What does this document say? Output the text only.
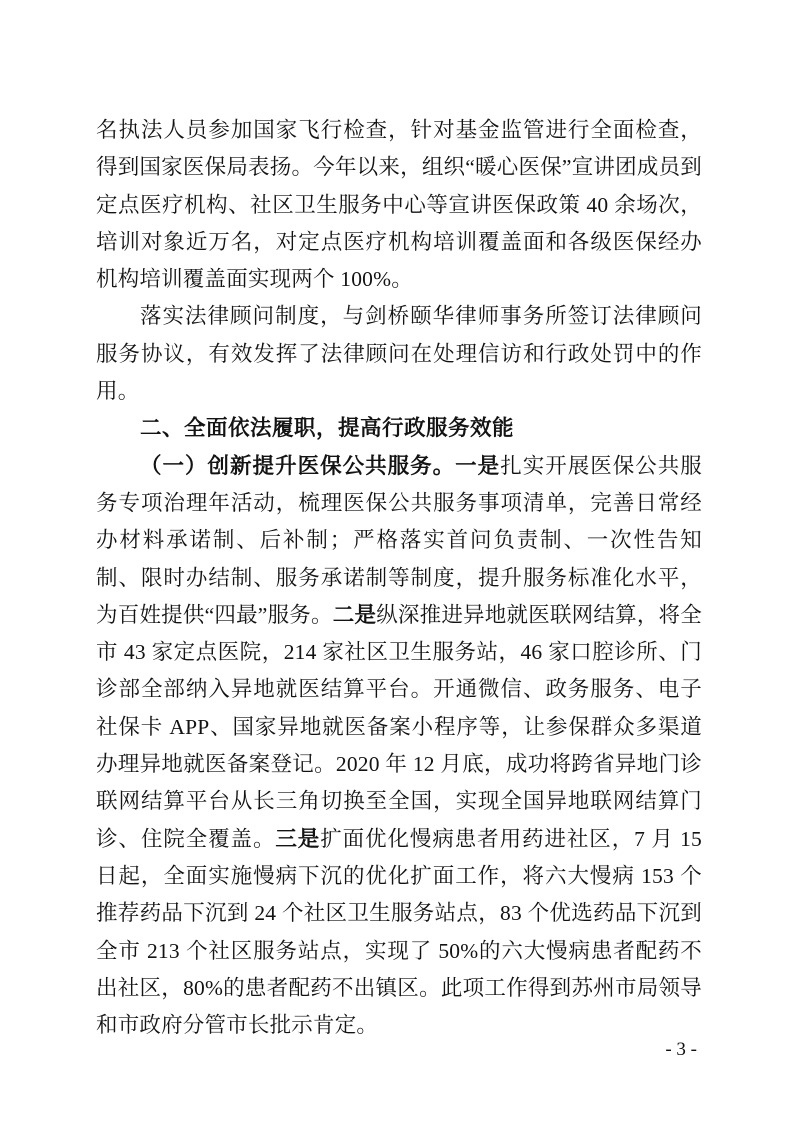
名执法人员参加国家飞行检查，针对基金监管进行全面检查，得到国家医保局表扬。今年以来，组织“暖心医保”宣讲团成员到定点医疗机构、社区卫生服务中心等宣讲医保政策 40 余场次，培训对象近万名，对定点医疗机构培训覆盖面和各级医保经办机构培训覆盖面实现两个 100%。

落实法律顾问制度，与剑桥颐华律师事务所签订法律顾问服务协议，有效发挥了法律顾问在处理信访和行政处罚中的作用。

二、全面依法履职，提高行政服务效能

（一）创新提升医保公共服务。一是扎实开展医保公共服务专项治理年活动，梳理医保公共服务事项清单，完善日常经办材料承诺制、后补制；严格落实首问负责制、一次性告知制、限时办结制、服务承诺制等制度，提升服务标准化水平，为百姓提供“四最”服务。二是纵深推进异地就医联网结算，将全市 43 家定点医院，214 家社区卫生服务站，46 家口腔诊所、门诊部全部纳入异地就医结算平台。开通微信、政务服务、电子社保卡 APP、国家异地就医备案小程序等，让参保群众多渠道办理异地就医备案登记。2020 年 12 月底，成功将跨省异地门诊联网结算平台从长三角切换至全国，实现全国异地联网结算门诊、住院全覆盖。三是扩面优化慢病患者用药进社区，7 月 15 日起，全面实施慢病下沉的优化扩面工作，将六大慢病 153 个推荐药品下沉到 24 个社区卫生服务站点，83 个优选药品下沉到全市 213 个社区服务站点，实现了 50%的六大慢病患者配药不出社区，80%的患者配药不出镇区。此项工作得到苏州市局领导和市政府分管市长批示肯定。

- 3 -
